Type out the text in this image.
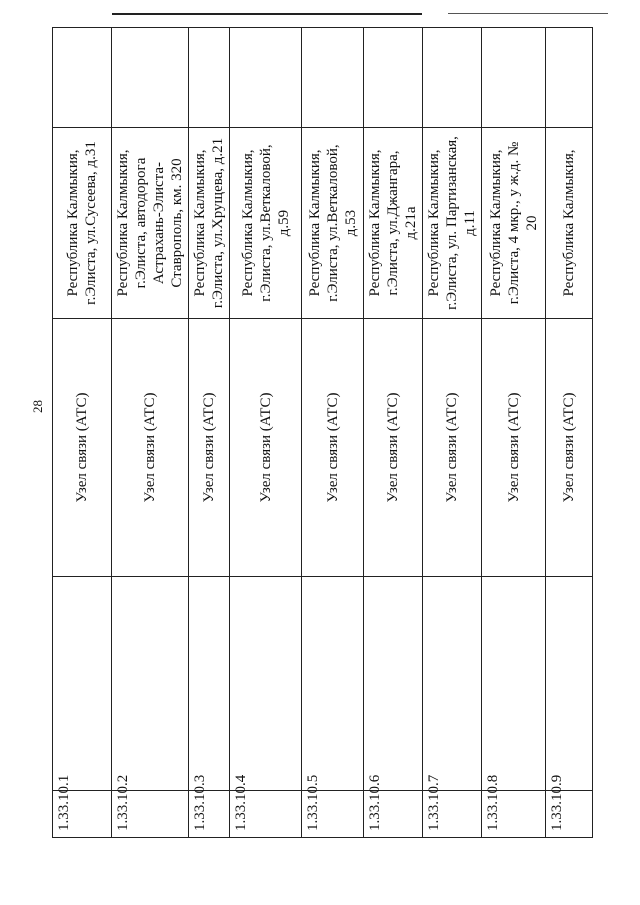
28
1.33.10.1		Узел связи (АТС)	Республика Калмыкия, г.Элиста, ул.Сусеева, д.31	
1.33.10.2		Узел связи (АТС)	Республика Калмыкия, г.Элиста, автодорога Астрахань-Элиста-Ставрополь, км. 320	
1.33.10.3		Узел связи (АТС)	Республика Калмыкия, г.Элиста, ул.Хрущева, д.21	
1.33.10.4		Узел связи (АТС)	Республика Калмыкия, г.Элиста, ул.Веткаловой, д.59	
1.33.10.5		Узел связи (АТС)	Республика Калмыкия, г.Элиста, ул.Веткаловой, д.53	
1.33.10.6		Узел связи (АТС)	Республика Калмыкия, г.Элиста, ул.Джангара, д.21а	
1.33.10.7		Узел связи (АТС)	Республика Калмыкия, г.Элиста, ул. Партизанская, д.11	
1.33.10.8		Узел связи (АТС)	Республика Калмыкия, г.Элиста, 4 мкр., у ж.д. № 20	
1.33.10.9		Узел связи (АТС)	Республика Калмыкия,	
